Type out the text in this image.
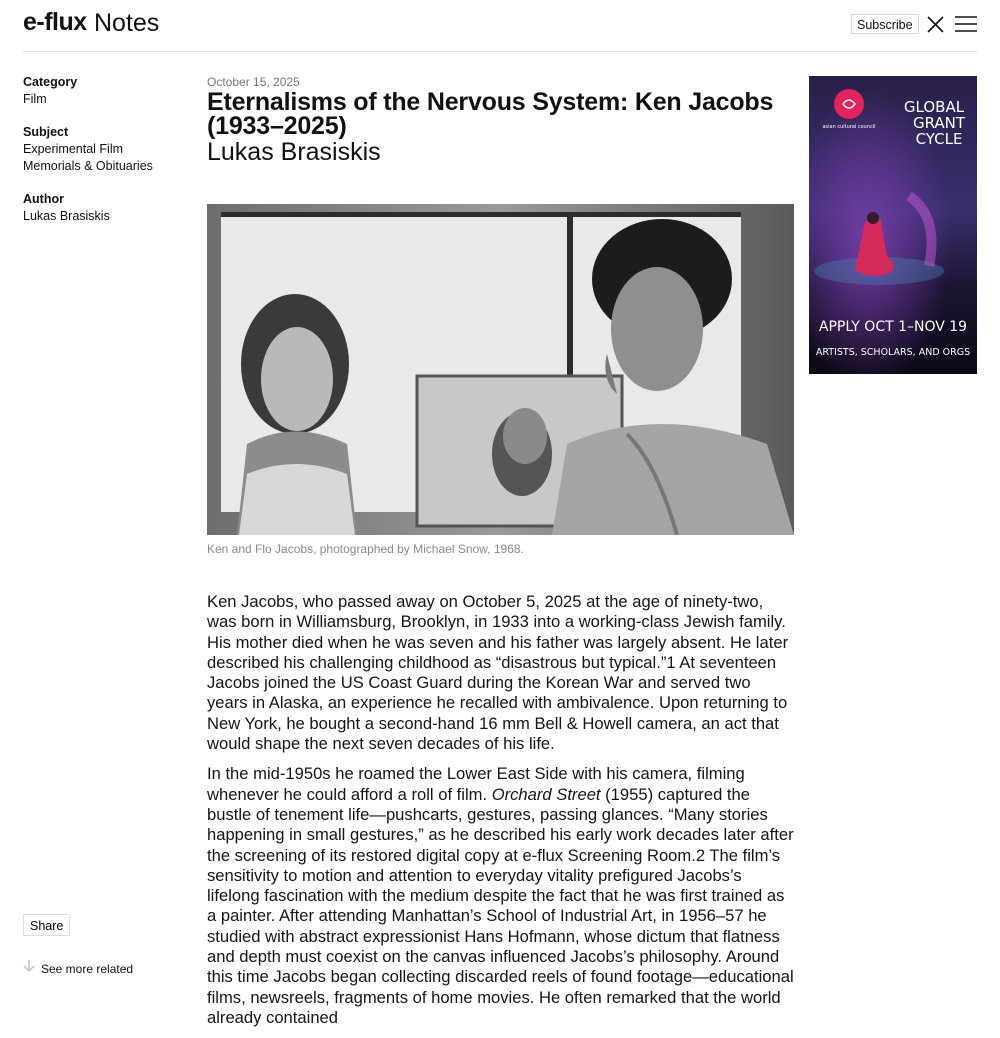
e-flux Notes	Subscribe
Category
Film
Subject
Experimental Film
Memorials & Obituaries
Author
Lukas Brasiskis
October 15, 2025
Eternalisms of the Nervous System: Ken Jacobs (1933–2025)
Lukas Brasiskis
Ken and Flo Jacobs, photographed by Michael Snow, 1968.

Ken Jacobs, who passed away on October 5, 2025 at the age of ninety-two, was born in Williamsburg, Brooklyn, in 1933 into a working-class Jewish family. His mother died when he was seven and his father was largely absent. He later described his challenging childhood as “disastrous but typical.”1 At seventeen Jacobs joined the US Coast Guard during the Korean War and served two years in Alaska, an experience he recalled with ambivalence. Upon returning to New York, he bought a second-hand 16 mm Bell & Howell camera, an act that would shape the next seven decades of his life.

In the mid-1950s he roamed the Lower East Side with his camera, filming whenever he could afford a roll of film. Orchard Street (1955) captured the bustle of tenement life—pushcarts, gestures, passing glances. “Many stories happening in small gestures,” as he described his early work decades later after the screening of its restored digital copy at e-flux Screening Room.2 The film’s sensitivity to motion and attention to everyday vitality prefigured Jacobs’s lifelong fascination with the medium despite the fact that he was first trained as a painter. After attending Manhattan’s School of Industrial Art, in 1956–57 he studied with abstract expressionist Hans Hofmann, whose dictum that flatness and depth must coexist on the canvas influenced Jacobs’s philosophy. Around this time Jacobs began collecting discarded reels of found footage—educational films, newsreels, fragments of home movies. He often remarked that the world already contained

asian cultural council
GLOBAL
GRANT
CYCLE
APPLY OCT 1–NOV 19
ARTISTS, SCHOLARS, AND ORGS
Share
See more related
